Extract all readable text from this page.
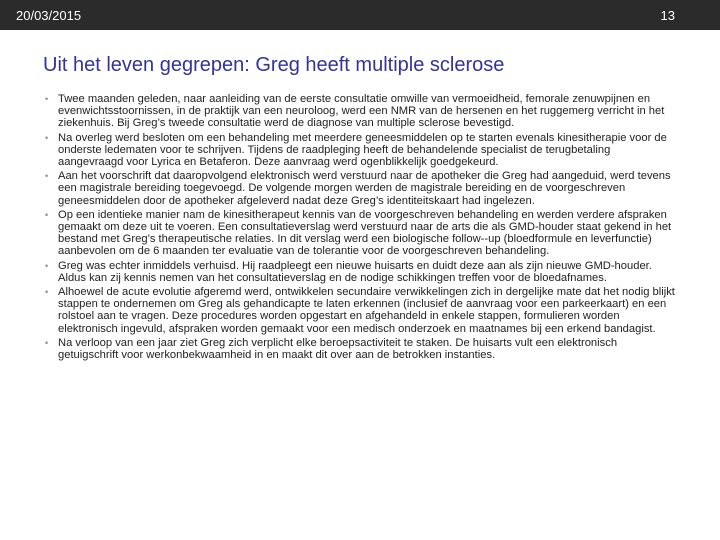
20/03/2015	13
Uit het leven gegrepen: Greg heeft multiple sclerose
• Twee maanden geleden, naar aanleiding van de eerste consultatie omwille van vermoeidheid, femorale zenuwpijnen en evenwichtsstoornissen, in de praktijk van een neuroloog, werd een NMR van de hersenen en het ruggemerg verricht in het ziekenhuis. Bij Greg’s tweede consultatie werd de diagnose van multiple sclerose bevestigd.
• Na overleg werd besloten om een behandeling met meerdere geneesmiddelen op te starten evenals kinesitherapie voor de onderste ledematen voor te schrijven. Tijdens de raadpleging heeft de behandelende specialist de terugbetaling aangevraagd voor Lyrica en Betaferon. Deze aanvraag werd ogenblikkelijk goedgekeurd.
• Aan het voorschrift dat daaropvolgend elektronisch werd verstuurd naar de apotheker die Greg had aangeduid, werd tevens een magistrale bereiding toegevoegd. De volgende morgen werden de magistrale bereiding en de voorgeschreven geneesmiddelen door de apotheker afgeleverd nadat deze Greg’s identiteitskaart had ingelezen.
• Op een identieke manier nam de kinesitherapeut kennis van de voorgeschreven behandeling en werden verdere afspraken gemaakt om deze uit te voeren. Een consultatieverslag werd verstuurd naar de arts die als GMD-houder staat gekend in het bestand met Greg’s therapeutische relaties. In dit verslag werd een biologische follow--up (bloedformule en leverfunctie) aanbevolen om de 6 maanden ter evaluatie van de tolerantie voor de voorgeschreven behandeling.
• Greg was echter inmiddels verhuisd. Hij raadpleegt een nieuwe huisarts en duidt deze aan als zijn nieuwe GMD-houder. Aldus kan zij kennis nemen van het consultatieverslag en de nodige schikkingen treffen voor de bloedafnames.
• Alhoewel de acute evolutie afgeremd werd, ontwikkelen secundaire verwikkelingen zich in dergelijke mate dat het nodig blijkt stappen te ondernemen om Greg als gehandicapte te laten erkennen (inclusief de aanvraag voor een parkeerkaart) en een rolstoel aan te vragen. Deze procedures worden opgestart en afgehandeld in enkele stappen, formulieren worden elektronisch ingevuld, afspraken worden gemaakt voor een medisch onderzoek en maatnames bij een erkend bandagist.
• Na verloop van een jaar ziet Greg zich verplicht elke beroepsactiviteit te staken. De huisarts vult een elektronisch getuigschrift voor werkonbekwaamheid in en maakt dit over aan de betrokken instanties.
